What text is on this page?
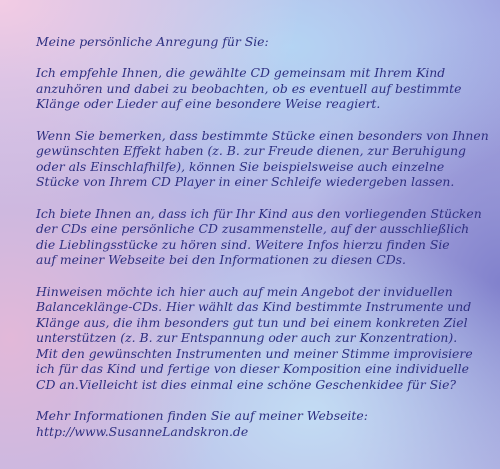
Meine persönliche Anregung für Sie:

Ich empfehle Ihnen, die gewählte CD gemeinsam mit Ihrem Kind
anzuhören und dabei zu beobachten, ob es eventuell auf bestimmte
Klänge oder Lieder auf eine besondere Weise reagiert.

Wenn Sie bemerken, dass bestimmte Stücke einen besonders von Ihnen
gewünschten Effekt haben (z. B. zur Freude dienen, zur Beruhigung
oder als Einschlafhilfe), können Sie beispielsweise auch einzelne
Stücke von Ihrem CD Player in einer Schleife wiedergeben lassen.

Ich biete Ihnen an, dass ich für Ihr Kind aus den vorliegenden Stücken
der CDs eine persönliche CD zusammenstelle, auf der ausschließlich
die Lieblingsstücke zu hören sind. Weitere Infos hierzu finden Sie
auf meiner Webseite bei den Informationen zu diesen CDs.

Hinweisen möchte ich hier auch auf mein Angebot der inviduellen
Balanceklänge-CDs. Hier wählt das Kind bestimmte Instrumente und
Klänge aus, die ihm besonders gut tun und bei einem konkreten Ziel
unterstützen (z. B. zur Entspannung oder auch zur Konzentration).
Mit den gewünschten Instrumenten und meiner Stimme improvisiere
ich für das Kind und fertige von dieser Komposition eine individuelle
CD an.Vielleicht ist dies einmal eine schöne Geschenkidee für Sie?

Mehr Informationen finden Sie auf meiner Webseite:
http://www.SusanneLandskron.de
